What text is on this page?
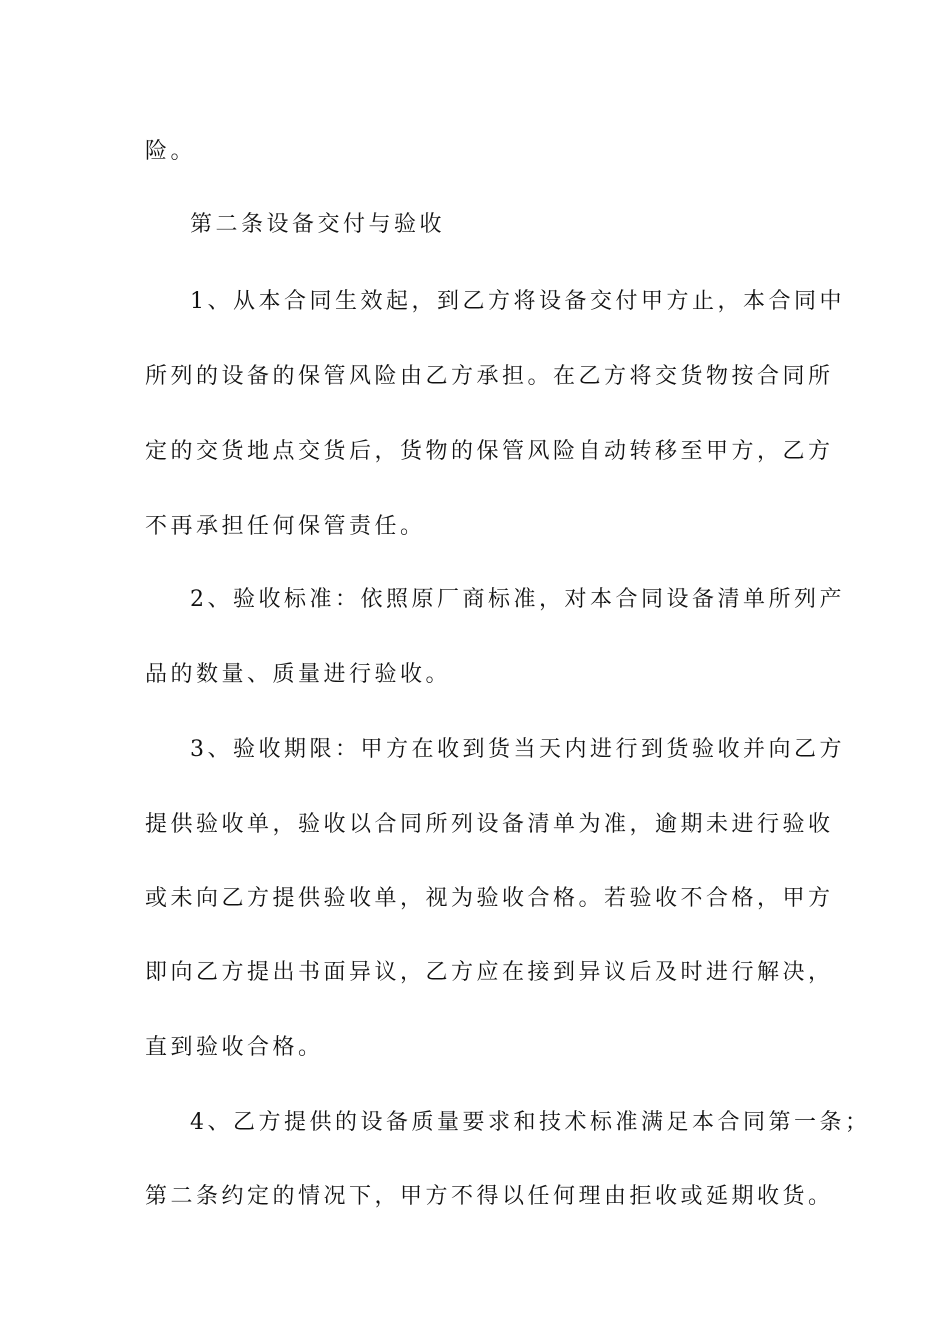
险。
第二条设备交付与验收
1、从本合同生效起，到乙方将设备交付甲方止，本合同中
所列的设备的保管风险由乙方承担。在乙方将交货物按合同所
定的交货地点交货后，货物的保管风险自动转移至甲方，乙方
不再承担任何保管责任。
2、验收标准：依照原厂商标准，对本合同设备清单所列产
品的数量、质量进行验收。
3、验收期限：甲方在收到货当天内进行到货验收并向乙方
提供验收单，验收以合同所列设备清单为准，逾期未进行验收
或未向乙方提供验收单，视为验收合格。若验收不合格，甲方
即向乙方提出书面异议，乙方应在接到异议后及时进行解决，
直到验收合格。
4、乙方提供的设备质量要求和技术标准满足本合同第一条；
第二条约定的情况下，甲方不得以任何理由拒收或延期收货。
